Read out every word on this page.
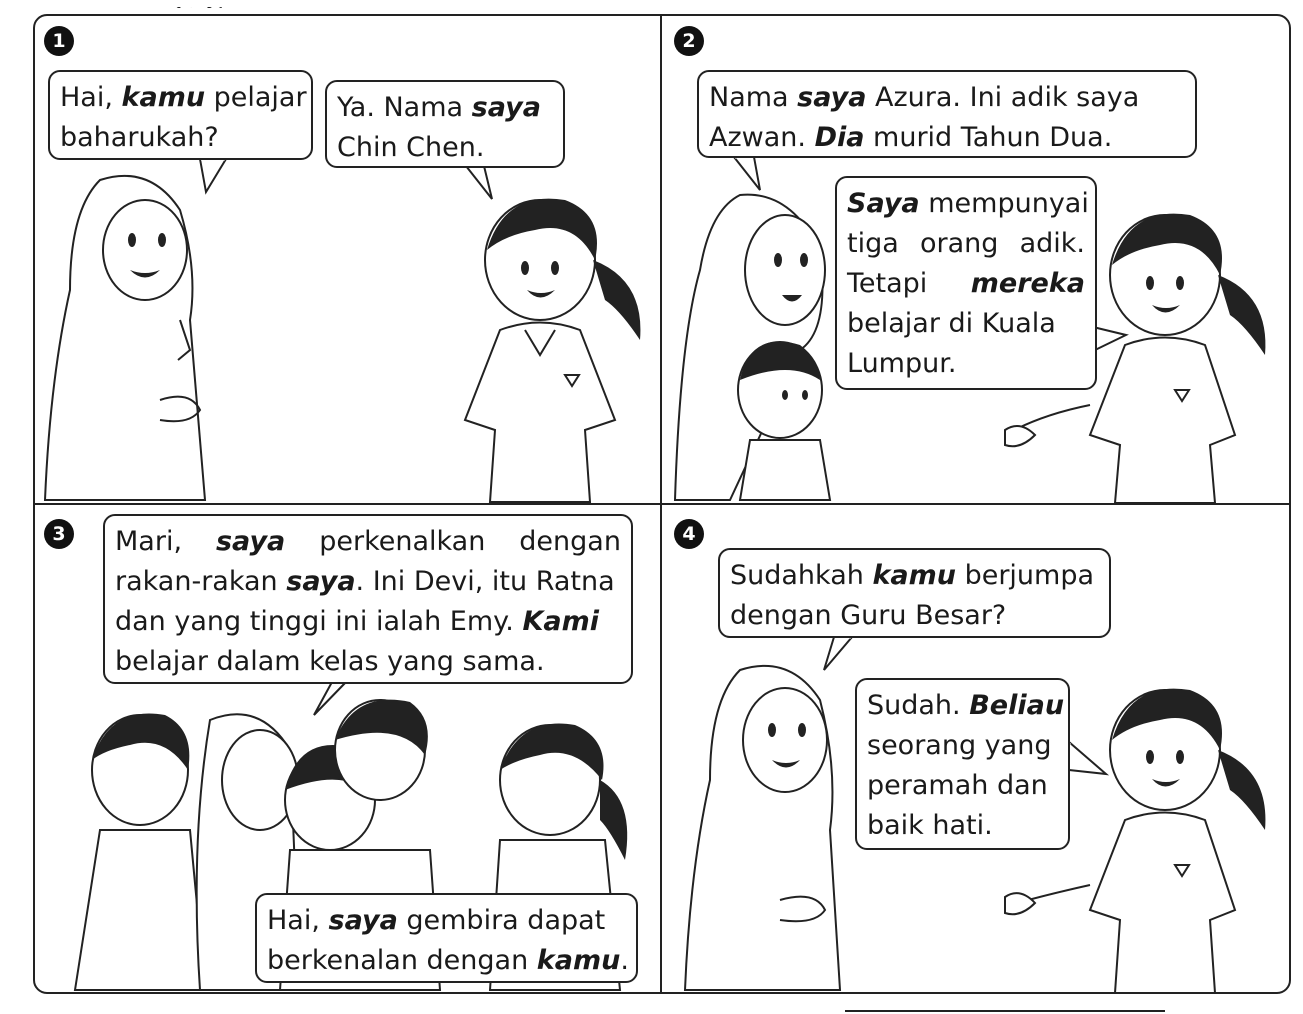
1	2
3	4
Hai, kamu pelajar
baharukah?
Ya. Nama saya
Chin Chen.
Nama saya Azura. Ini adik saya
Azwan. Dia murid Tahun Dua.
Saya mempunyai
tiga orang adik.
Tetapi mereka
belajar di Kuala
Lumpur.
Mari, saya perkenalkan dengan
rakan-rakan saya. Ini Devi, itu Ratna
dan yang tinggi ini ialah Emy. Kami
belajar dalam kelas yang sama.
Hai, saya gembira dapat
berkenalan dengan kamu.
Sudahkah kamu berjumpa
dengan Guru Besar?
Sudah. Beliau
seorang yang
peramah dan
baik hati.
